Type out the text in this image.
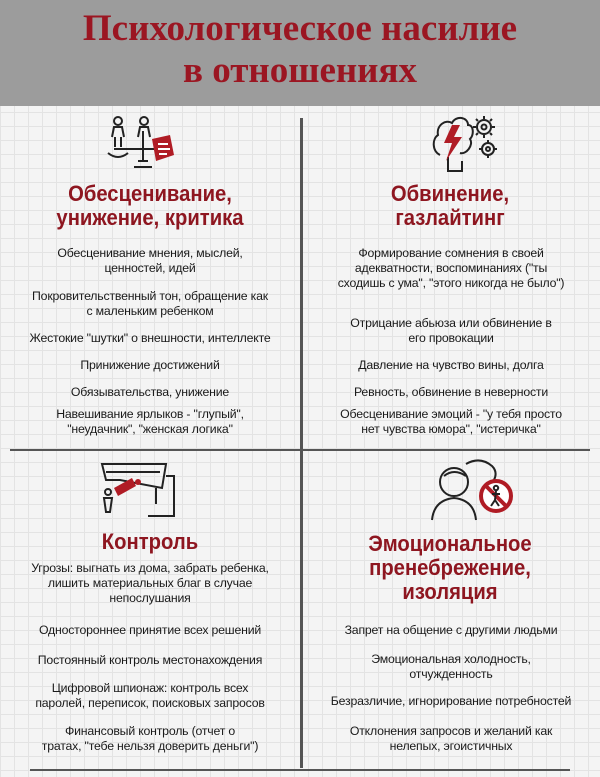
Психологическое насилие
в отношениях
Обесценивание,
унижение, критика
Обесценивание мнения, мыслей,
ценностей, идей
Покровительственный тон, обращение как
с маленьким ребенком
Жестокие "шутки" о внешности, интеллекте
Принижение достижений
Обязывательства, унижение
Навешивание ярлыков - "глупый",
"неудачник", "женская логика"
Обвинение,
газлайтинг
Формирование сомнения в своей
адекватности, воспоминаниях ("ты
сходишь с ума", "этого никогда не было")
Отрицание абьюза или обвинение в
его провокации
Давление на чувство вины, долга
Ревность, обвинение в неверности
Обесценивание эмоций - "у тебя просто
нет чувства юмора", "истеричка"
Контроль
Угрозы: выгнать из дома, забрать ребенка,
лишить материальных благ в случае
непослушания
Одностороннее принятие всех решений
Постоянный контроль местонахождения
Цифровой шпионаж: контроль всех
паролей, переписок, поисковых запросов
Финансовый контроль (отчет о
тратах, "тебе нельзя доверить деньги")
Эмоциональное
пренебрежение,
изоляция
Запрет на общение с другими людьми
Эмоциональная холодность,
отчужденность
Безразличие, игнорирование потребностей
Отклонения запросов и желаний как
нелепых, эгоистичных
